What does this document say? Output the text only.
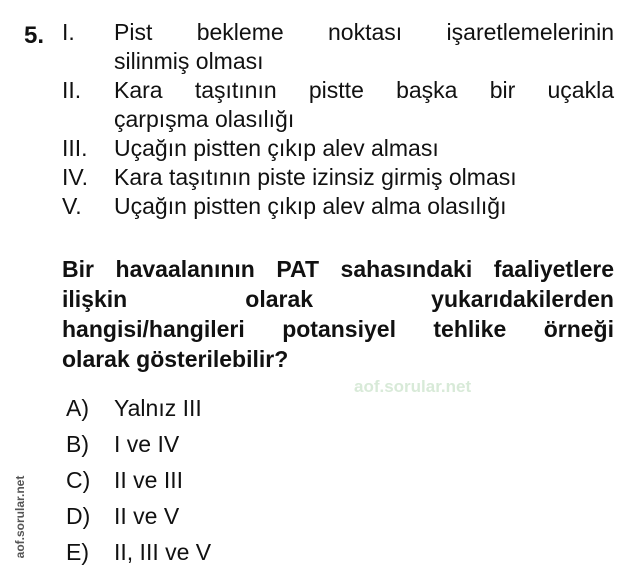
5. I.	Pist bekleme noktası işaretlemelerinin
silinmiş olması
II.	Kara taşıtının pistte başka bir uçakla
çarpışma olasılığı
III.	Uçağın pistten çıkıp alev alması
IV.	Kara taşıtının piste izinsiz girmiş olması
V.	Uçağın pistten çıkıp alev alma olasılığı
Bir havaalanının PAT sahasındaki faaliyetlere
ilişkin olarak yukarıdakilerden
hangisi/hangileri potansiyel tehlike örneği
olarak gösterilebilir?
aof.sorular.net
A)	Yalnız III
B)	I ve IV
C)	II ve III
D)	II ve V
E)	II, III ve V
aof.sorular.net
